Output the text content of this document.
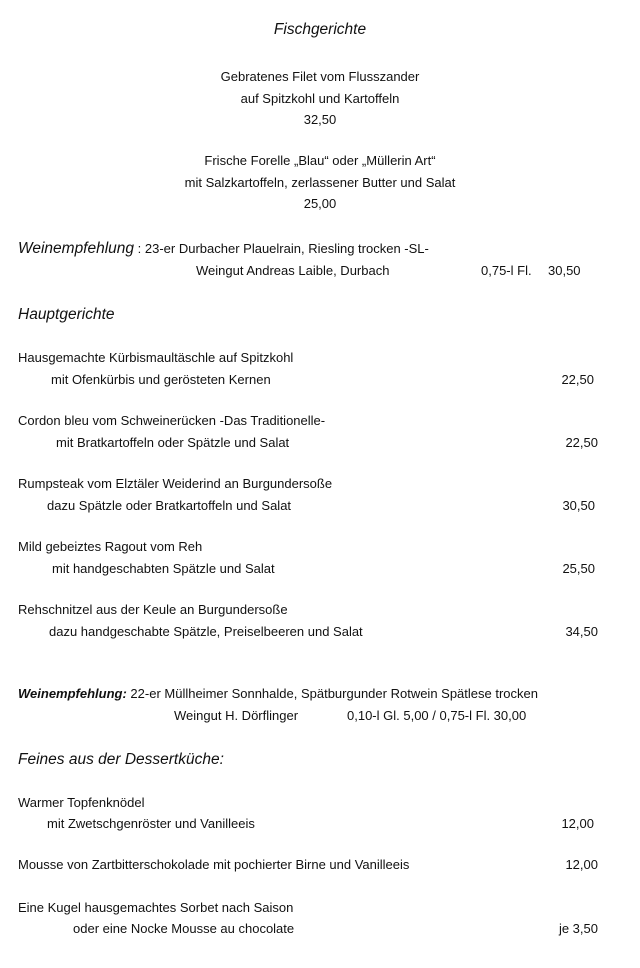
Fischgerichte
Gebratenes Filet vom Flusszander
auf Spitzkohl und Kartoffeln
32,50
Frische Forelle „Blau“ oder „Müllerin Art“
mit Salzkartoffeln, zerlassener Butter und Salat
25,00
Weinempfehlung : 23-er Durbacher Plauelrain, Riesling trocken -SL-
Weingut Andreas Laible, Durbach	0,75-l Fl. 30,50
Hauptgerichte
Hausgemachte Kürbismaultäschle auf Spitzkohl
mit Ofenkürbis und gerösteten Kernen	22,50
Cordon bleu vom Schweinerücken -Das Traditionelle-
mit Bratkartoffeln oder Spätzle und Salat	22,50
Rumpsteak vom Elztäler Weiderind an Burgundersoße
dazu Spätzle oder Bratkartoffeln und Salat	30,50
Mild gebeiztes Ragout vom Reh
mit handgeschabten Spätzle und Salat	25,50
Rehschnitzel aus der Keule an Burgundersoße
dazu handgeschabte Spätzle, Preiselbeeren und Salat	34,50
Weinempfehlung: 22-er Müllheimer Sonnhalde, Spätburgunder Rotwein Spätlese trocken
Weingut H. Dörflinger	0,10-l Gl. 5,00 / 0,75-l Fl. 30,00
Feines aus der Dessertküche:
Warmer Topfenknödel
mit Zwetschgenröster und Vanilleeis	12,00
Mousse von Zartbitterschokolade mit pochierter Birne und Vanilleeis	12,00
Eine Kugel hausgemachtes Sorbet nach Saison
oder eine Nocke Mousse au chocolate	je 3,50
